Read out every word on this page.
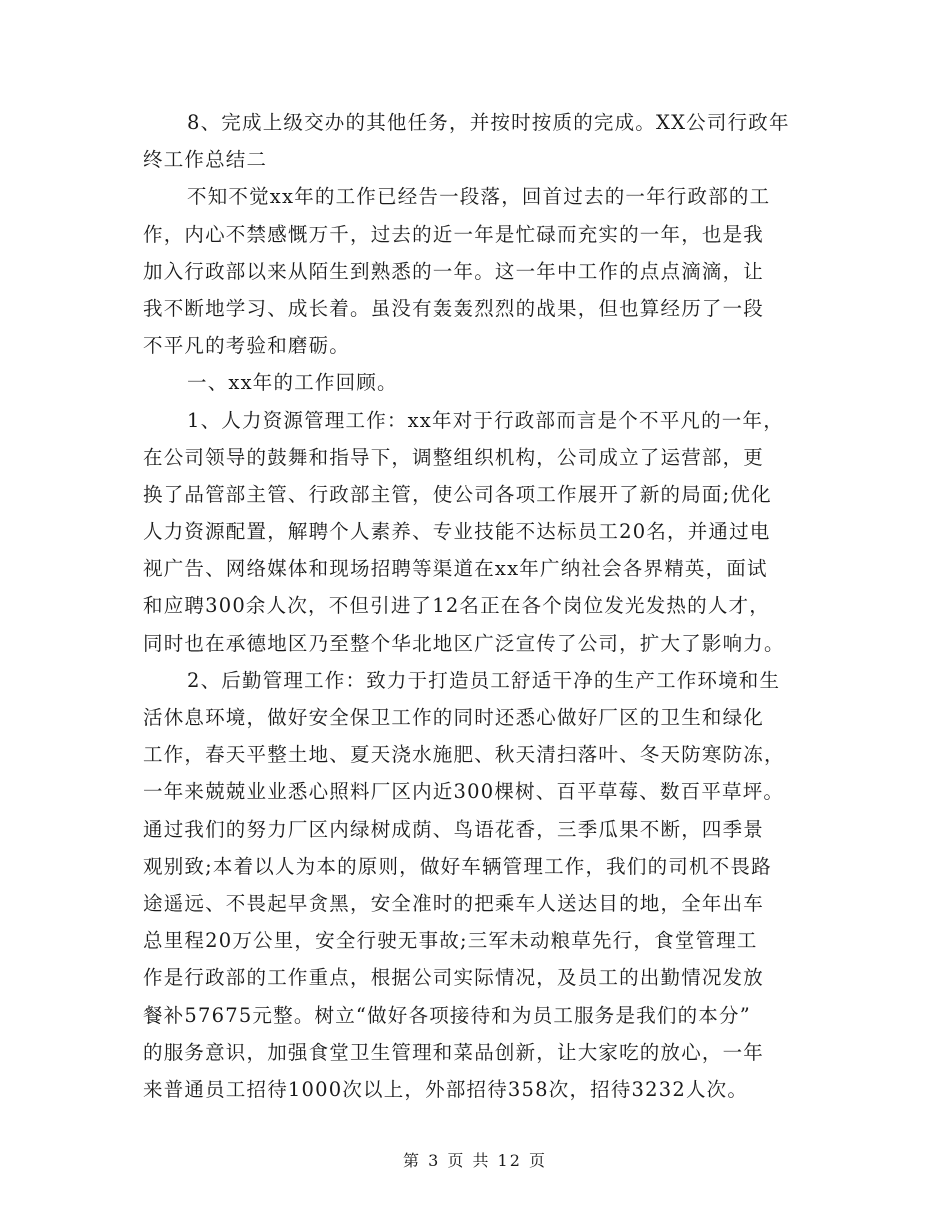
8、完成上级交办的其他任务，并按时按质的完成。XX公司行政年
终工作总结二
不知不觉xx年的工作已经告一段落，回首过去的一年行政部的工
作，内心不禁感慨万千，过去的近一年是忙碌而充实的一年，也是我
加入行政部以来从陌生到熟悉的一年。这一年中工作的点点滴滴，让
我不断地学习、成长着。虽没有轰轰烈烈的战果，但也算经历了一段
不平凡的考验和磨砺。
一、xx年的工作回顾。
1、人力资源管理工作：xx年对于行政部而言是个不平凡的一年，
在公司领导的鼓舞和指导下，调整组织机构，公司成立了运营部，更
换了品管部主管、行政部主管，使公司各项工作展开了新的局面;优化
人力资源配置，解聘个人素养、专业技能不达标员工20名，并通过电
视广告、网络媒体和现场招聘等渠道在xx年广纳社会各界精英，面试
和应聘300余人次，不但引进了12名正在各个岗位发光发热的人才，
同时也在承德地区乃至整个华北地区广泛宣传了公司，扩大了影响力。
2、后勤管理工作：致力于打造员工舒适干净的生产工作环境和生
活休息环境，做好安全保卫工作的同时还悉心做好厂区的卫生和绿化
工作，春天平整土地、夏天浇水施肥、秋天清扫落叶、冬天防寒防冻，
一年来兢兢业业悉心照料厂区内近300棵树、百平草莓、数百平草坪。
通过我们的努力厂区内绿树成荫、鸟语花香，三季瓜果不断，四季景
观别致;本着以人为本的原则，做好车辆管理工作，我们的司机不畏路
途遥远、不畏起早贪黑，安全准时的把乘车人送达目的地，全年出车
总里程20万公里，安全行驶无事故;三军未动粮草先行，食堂管理工
作是行政部的工作重点，根据公司实际情况，及员工的出勤情况发放
餐补57675元整。树立“做好各项接待和为员工服务是我们的本分”
的服务意识，加强食堂卫生管理和菜品创新，让大家吃的放心，一年
来普通员工招待1000次以上，外部招待358次，招待3232人次。
第 3 页 共 12 页
